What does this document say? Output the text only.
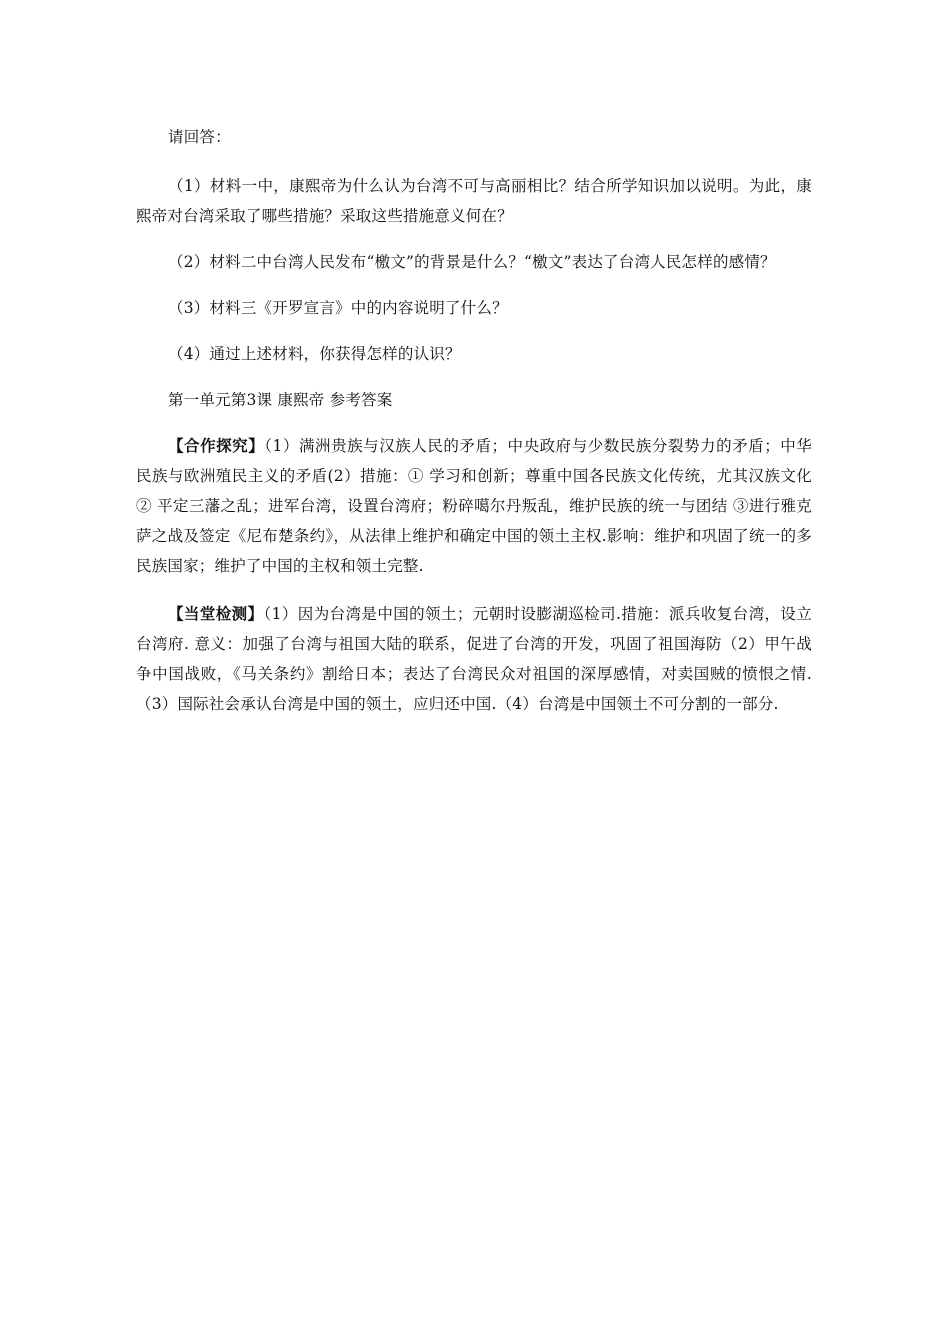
请回答：

（1）材料一中，康熙帝为什么认为台湾不可与高丽相比？结合所学知识加以说明。为此，康熙帝对台湾采取了哪些措施？采取这些措施意义何在？

（2）材料二中台湾人民发布“檄文”的背景是什么？“檄文”表达了台湾人民怎样的感情？

（3）材料三《开罗宣言》中的内容说明了什么？

（4）通过上述材料，你获得怎样的认识？

第一单元第3课 康熙帝 参考答案

【合作探究】（1）满洲贵族与汉族人民的矛盾；中央政府与少数民族分裂势力的矛盾；中华民族与欧洲殖民主义的矛盾(2）措施：① 学习和创新；尊重中国各民族文化传统，尤其汉族文化 ② 平定三藩之乱；进军台湾，设置台湾府；粉碎噶尔丹叛乱，维护民族的统一与团结 ③进行雅克萨之战及签定《尼布楚条约》，从法律上维护和确定中国的领土主权.影响：维护和巩固了统一的多民族国家；维护了中国的主权和领土完整.

【当堂检测】（1）因为台湾是中国的领土；元朝时设膨湖巡检司.措施：派兵收复台湾，设立台湾府. 意义：加强了台湾与祖国大陆的联系，促进了台湾的开发，巩固了祖国海防（2）甲午战争中国战败，《马关条约》割给日本；表达了台湾民众对祖国的深厚感情，对卖国贼的愤恨之情.（3）国际社会承认台湾是中国的领土，应归还中国.（4）台湾是中国领土不可分割的一部分.
